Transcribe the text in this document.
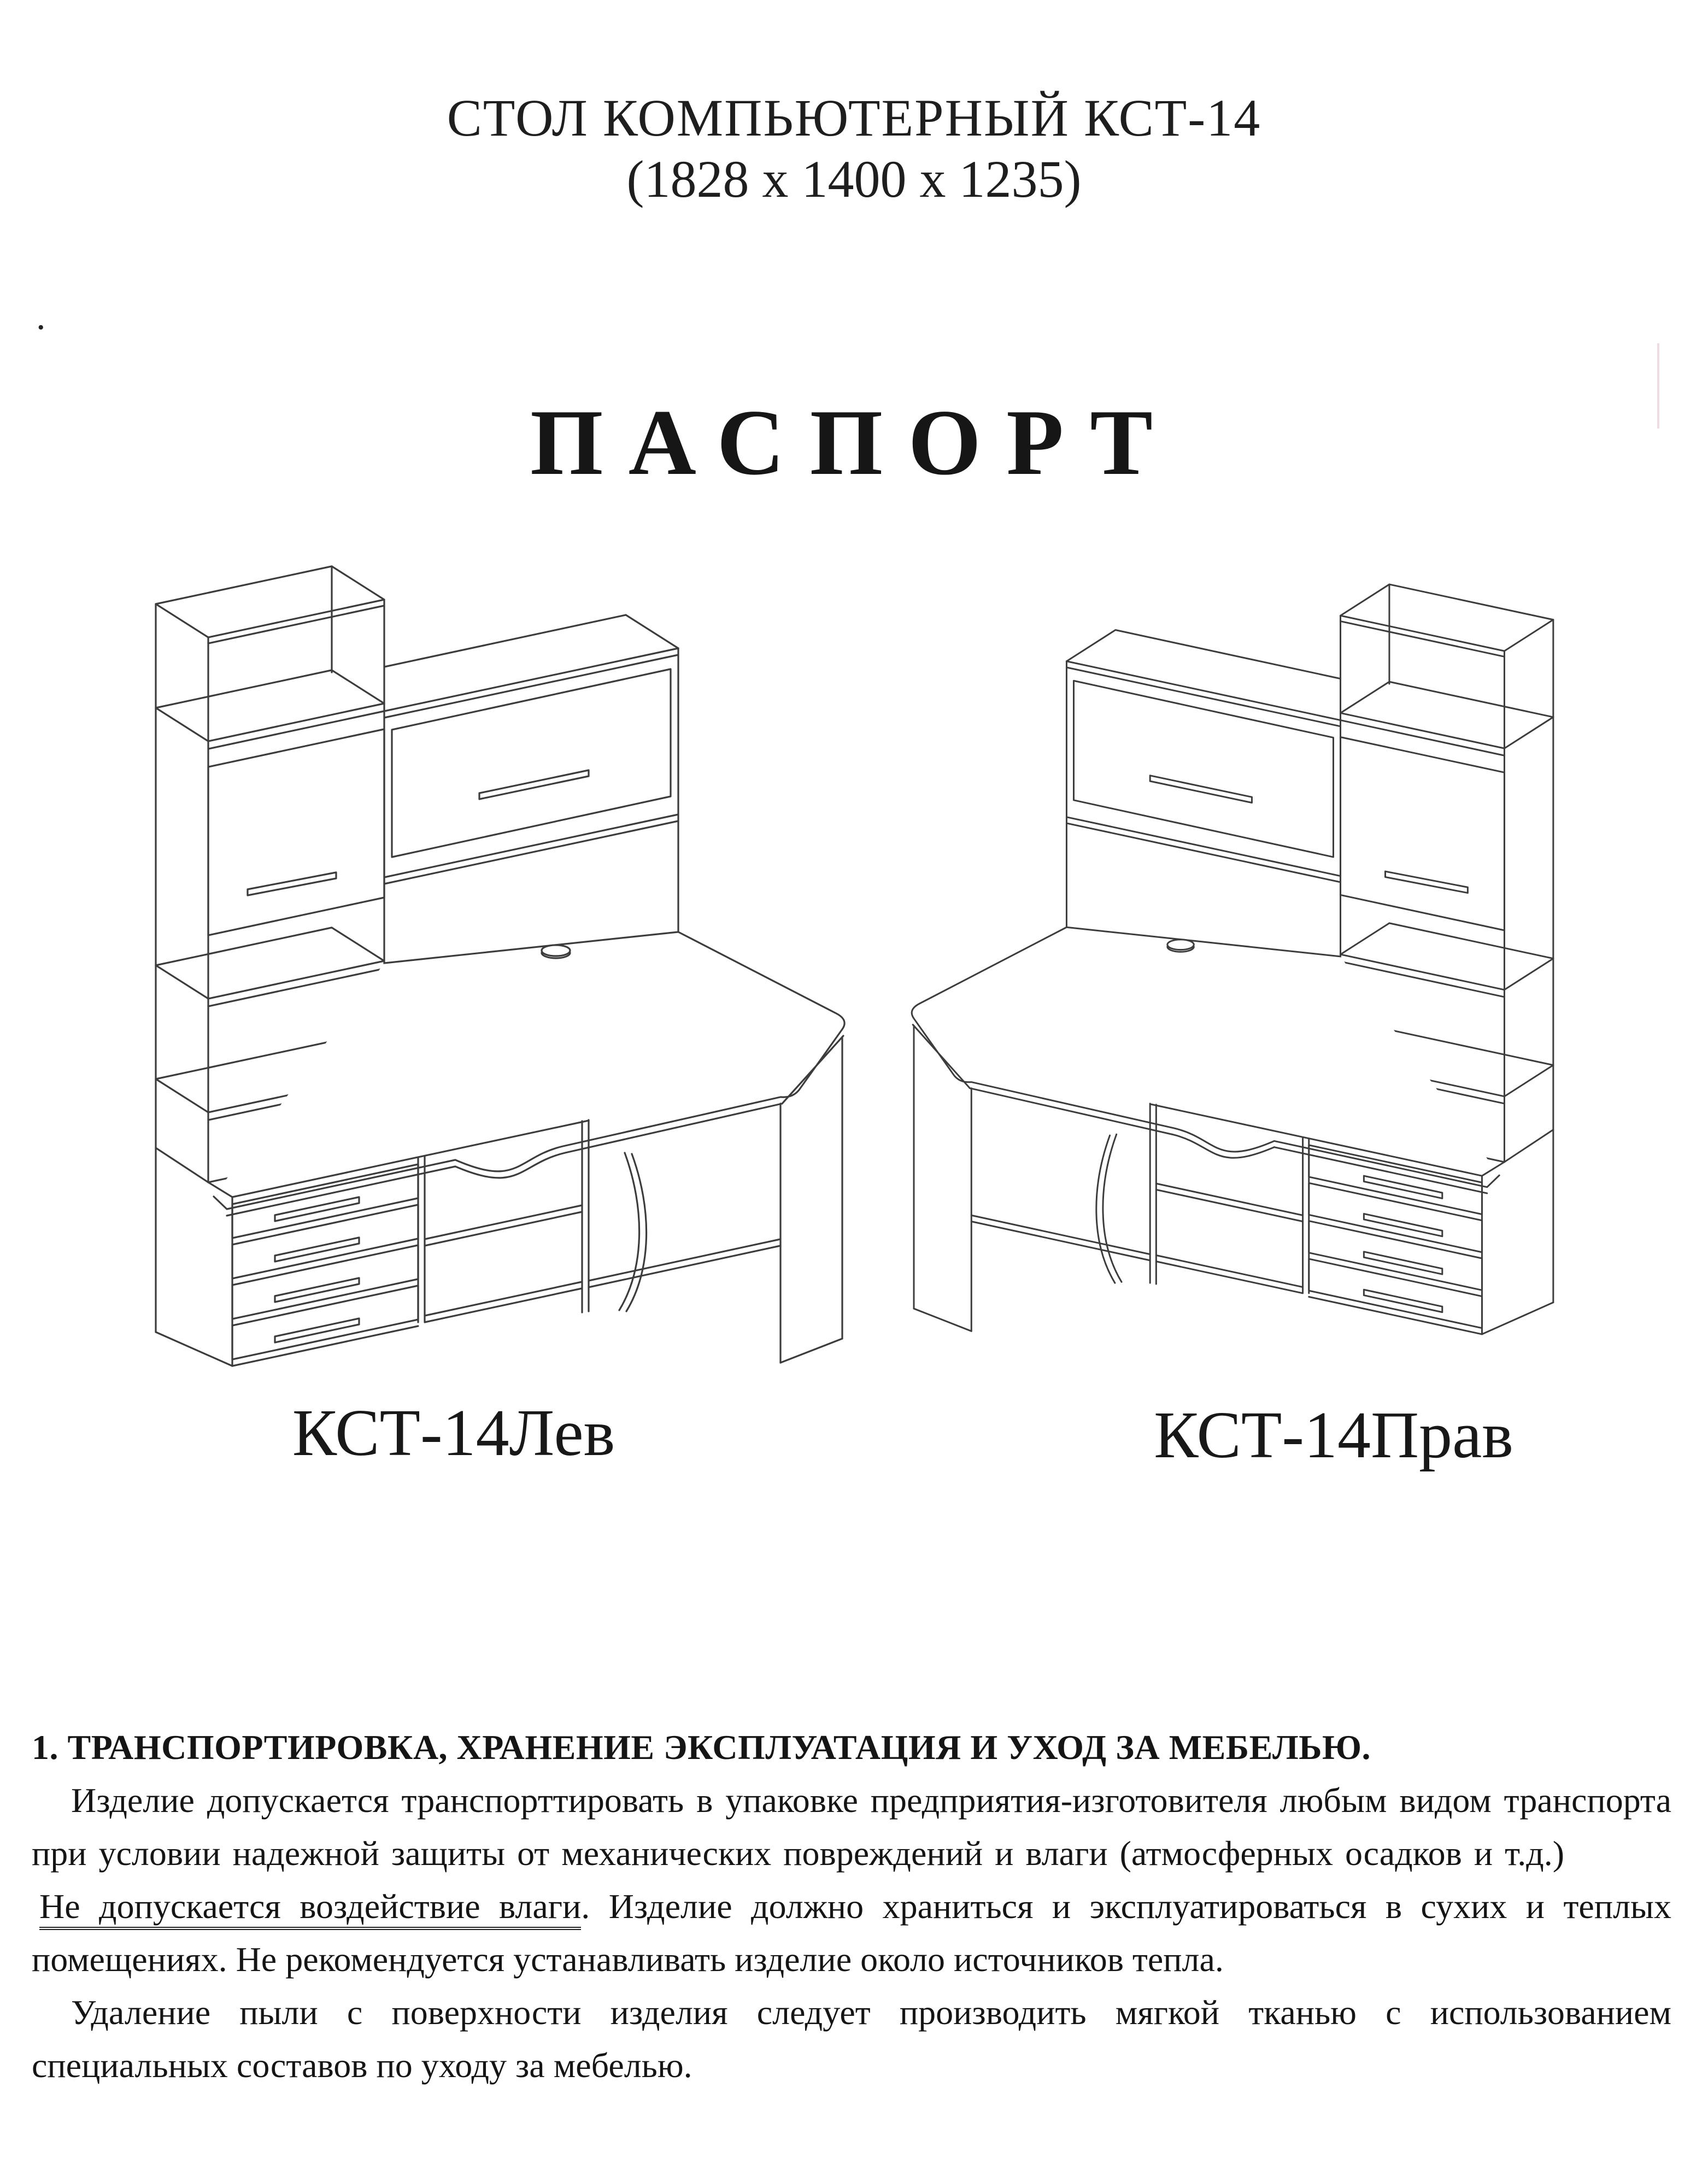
СТОЛ КОМПЬЮТЕРНЫЙ КСТ-14
(1828 х 1400 х 1235)
.
ПАСПОРТ
КСТ-14Лев	КСТ-14Прав

1. ТРАНСПОРТИРОВКА, ХРАНЕНИЕ ЭКСПЛУАТАЦИЯ И УХОД ЗА МЕБЕЛЬЮ.

Изделие допускается транспорттировать в упаковке предприятия-изготовителя любым видом транспорта при условии надежной защиты от механических повреждений и влаги (атмосферных осадков и т.д.)

Не допускается воздействие влаги. Изделие должно храниться и эксплуатироваться в сухих и теплых помещениях. Не рекомендуется устанавливать изделие около источников тепла.

Удаление пыли с поверхности изделия следует производить мягкой тканью с использованием специальных составов по уходу за мебелью.
